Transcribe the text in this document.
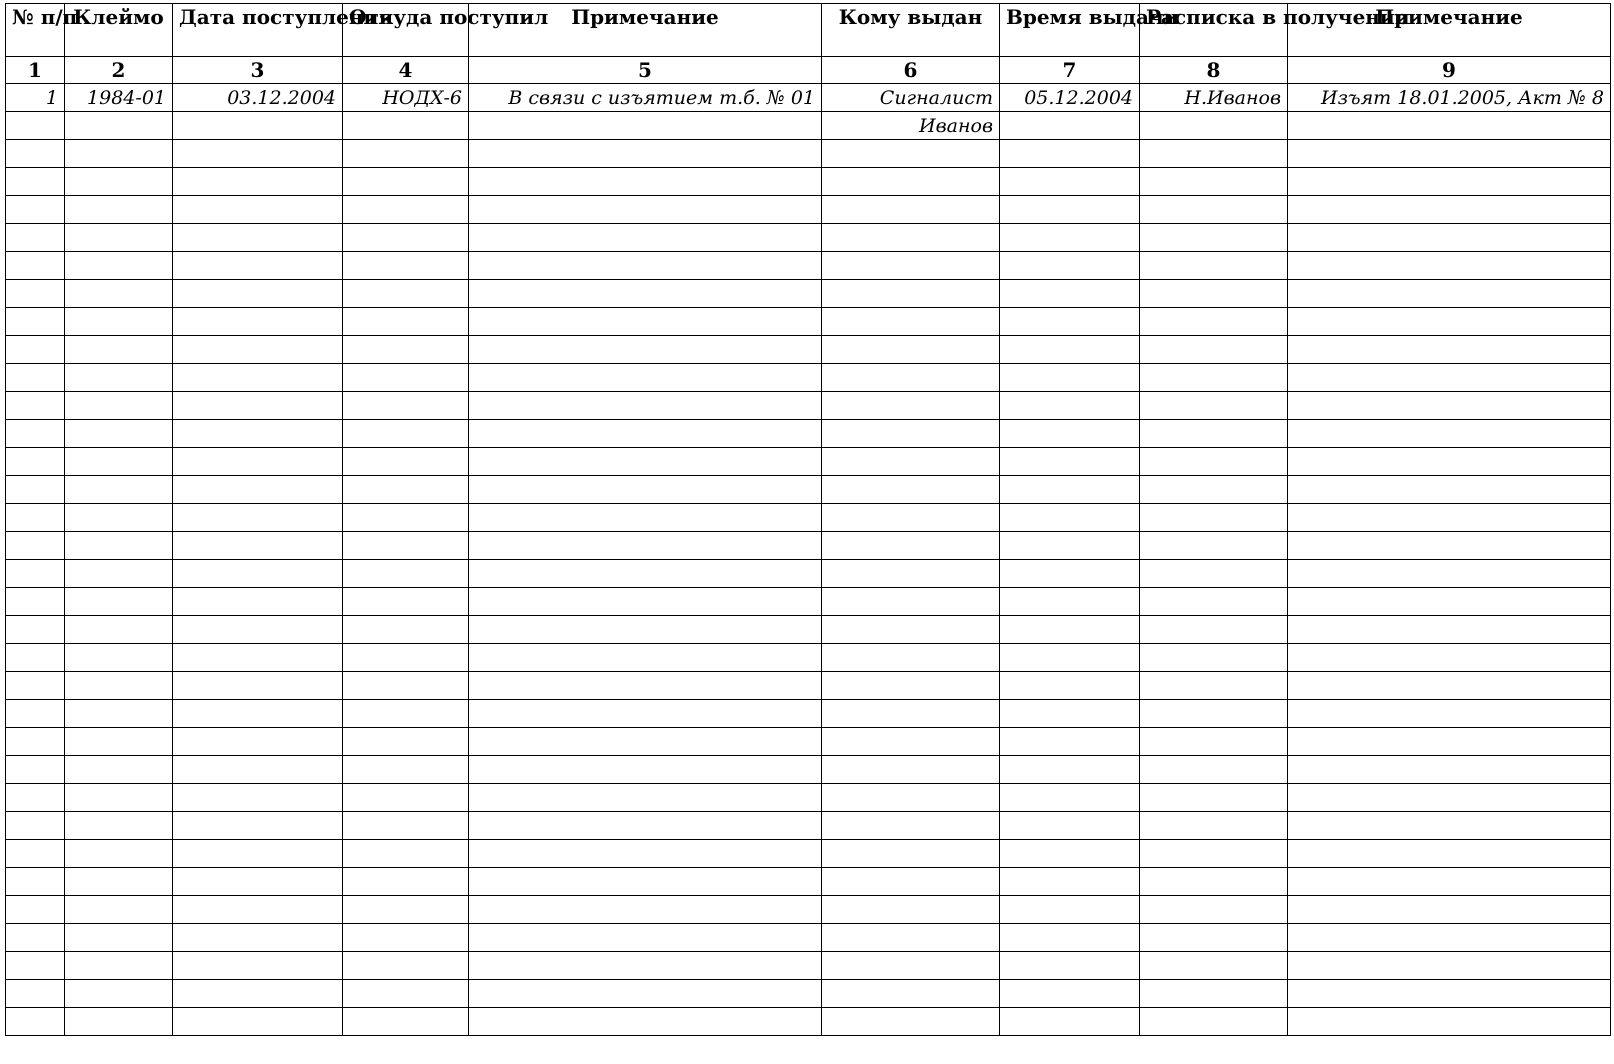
№ п/п	Клеймо	Дата поступления	Откуда поступил	Примечание	Кому выдан	Время выдачи	Расписка в получении	Примечание
1	2	3	4	5	6	7	8	9
1	1984-01	03.12.2004	НОДХ-6	В связи с изъятием т.б. № 01	Сигналист	05.12.2004	Н.Иванов	Изъят 18.01.2005, Акт № 8
					Иванов			
